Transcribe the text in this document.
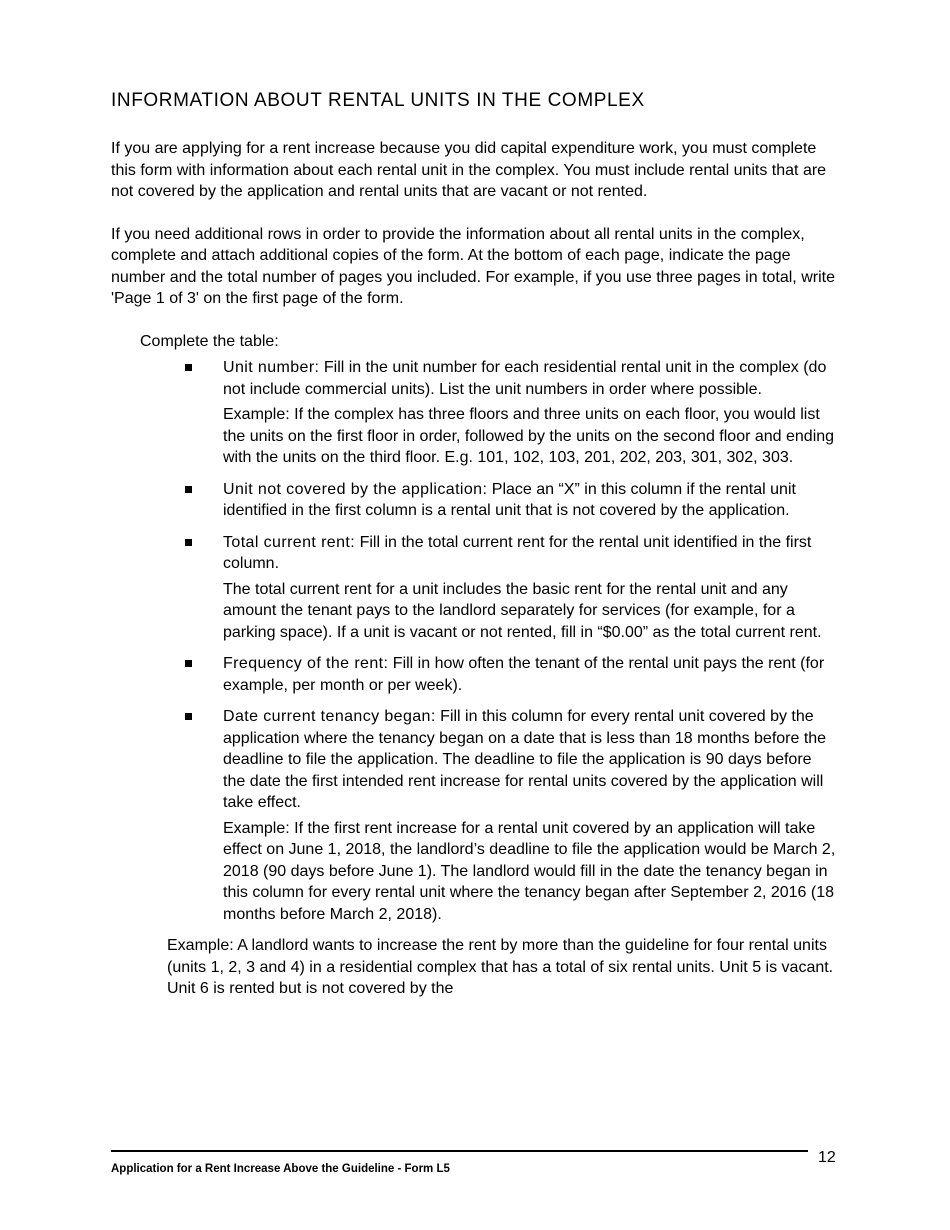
INFORMATION ABOUT RENTAL UNITS IN THE COMPLEX

If you are applying for a rent increase because you did capital expenditure work, you must complete this form with information about each rental unit in the complex. You must include rental units that are not covered by the application and rental units that are vacant or not rented.

If you need additional rows in order to provide the information about all rental units in the complex, complete and attach additional copies of the form. At the bottom of each page, indicate the page number and the total number of pages you included. For example, if you use three pages in total, write 'Page 1 of 3' on the first page of the form.

Complete the table:

Unit number: Fill in the unit number for each residential rental unit in the complex (do not include commercial units). List the unit numbers in order where possible.

Example: If the complex has three floors and three units on each floor, you would list the units on the first floor in order, followed by the units on the second floor and ending with the units on the third floor. E.g. 101, 102, 103, 201, 202, 203, 301, 302, 303.

Unit not covered by the application: Place an “X” in this column if the rental unit identified in the first column is a rental unit that is not covered by the application.

Total current rent: Fill in the total current rent for the rental unit identified in the first column.

The total current rent for a unit includes the basic rent for the rental unit and any amount the tenant pays to the landlord separately for services (for example, for a parking space). If a unit is vacant or not rented, fill in “$0.00” as the total current rent.

Frequency of the rent: Fill in how often the tenant of the rental unit pays the rent (for example, per month or per week).

Date current tenancy began: Fill in this column for every rental unit covered by the application where the tenancy began on a date that is less than 18 months before the deadline to file the application. The deadline to file the application is 90 days before the date the first intended rent increase for rental units covered by the application will take effect.

Example: If the first rent increase for a rental unit covered by an application will take effect on June 1, 2018, the landlord’s deadline to file the application would be March 2, 2018 (90 days before June 1). The landlord would fill in the date the tenancy began in this column for every rental unit where the tenancy began after September 2, 2016 (18 months before March 2, 2018).

Example: A landlord wants to increase the rent by more than the guideline for four rental units (units 1, 2, 3 and 4) in a residential complex that has a total of six rental units. Unit 5 is vacant. Unit 6 is rented but is not covered by the

12
Application for a Rent Increase Above the Guideline - Form L5
